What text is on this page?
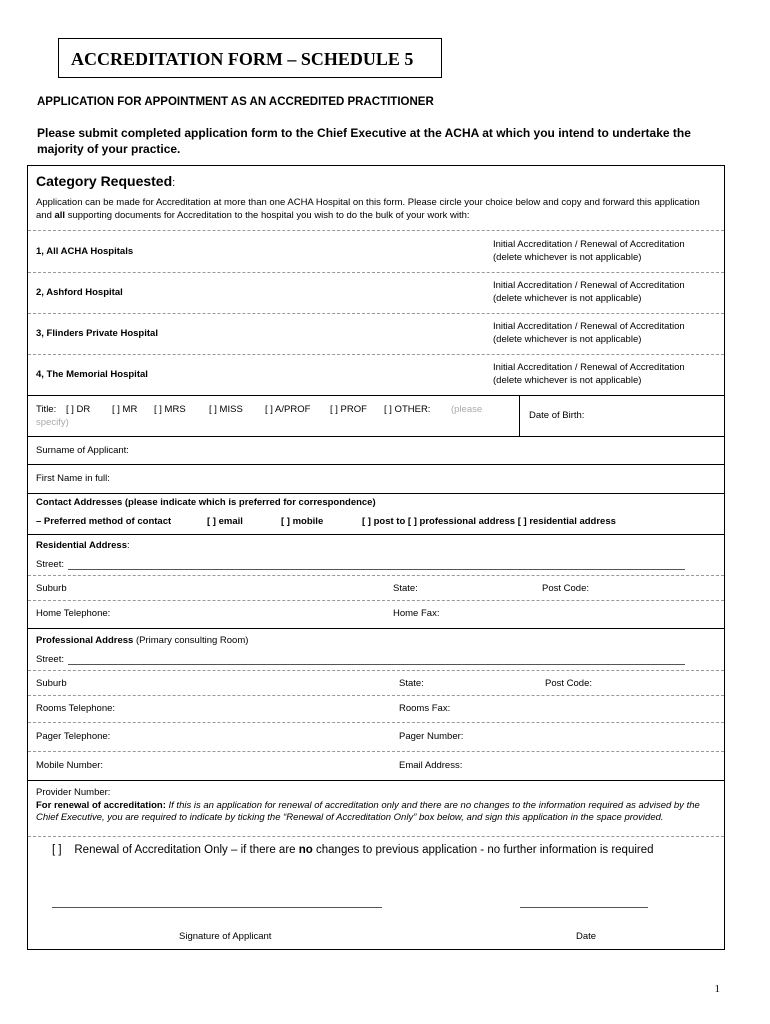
ACCREDITATION FORM – SCHEDULE 5
APPLICATION FOR APPOINTMENT AS AN ACCREDITED PRACTITIONER
Please submit completed application form to the Chief Executive at the ACHA at which you intend to undertake the majority of your practice.
Category Requested:
Application can be made for Accreditation at more than one ACHA Hospital on this form. Please circle your choice below and copy and forward this application and all supporting documents for Accreditation to the hospital you wish to do the bulk of your work with:
1, All ACHA Hospitals
Initial Accreditation / Renewal of Accreditation
(delete whichever is not applicable)
2, Ashford Hospital
Initial Accreditation / Renewal of Accreditation
(delete whichever is not applicable)
3, Flinders Private Hospital
Initial Accreditation / Renewal of Accreditation
(delete whichever is not applicable)
4, The Memorial Hospital
Initial Accreditation / Renewal of Accreditation
(delete whichever is not applicable)
Title: [ ] DR [ ] MR [ ] MRS [ ] MISS [ ] A/PROF [ ] PROF [ ] OTHER: (please
specify)
Date of Birth:
Surname of Applicant:
First Name in full:
Contact Addresses (please indicate which is preferred for correspondence)
– Preferred method of contact	[ ] email	[ ] mobile	[ ] post to [ ] professional address [ ] residential address
Residential Address:
Street:
Suburb	State:	Post Code:
Home Telephone:	Home Fax:
Professional Address (Primary consulting Room)
Street:
Suburb	State:	Post Code:
Rooms Telephone:	Rooms Fax:
Pager Telephone:	Pager Number:
Mobile Number:	Email Address:
Provider Number:
For renewal of accreditation: If this is an application for renewal of accreditation only and there are no changes to the information required as advised by the Chief Executive, you are required to indicate by ticking the “Renewal of Accreditation Only” box below, and sign this application in the space provided.
[ ] Renewal of Accreditation Only – if there are no changes to previous application - no further information is required
Signature of Applicant	Date
1
